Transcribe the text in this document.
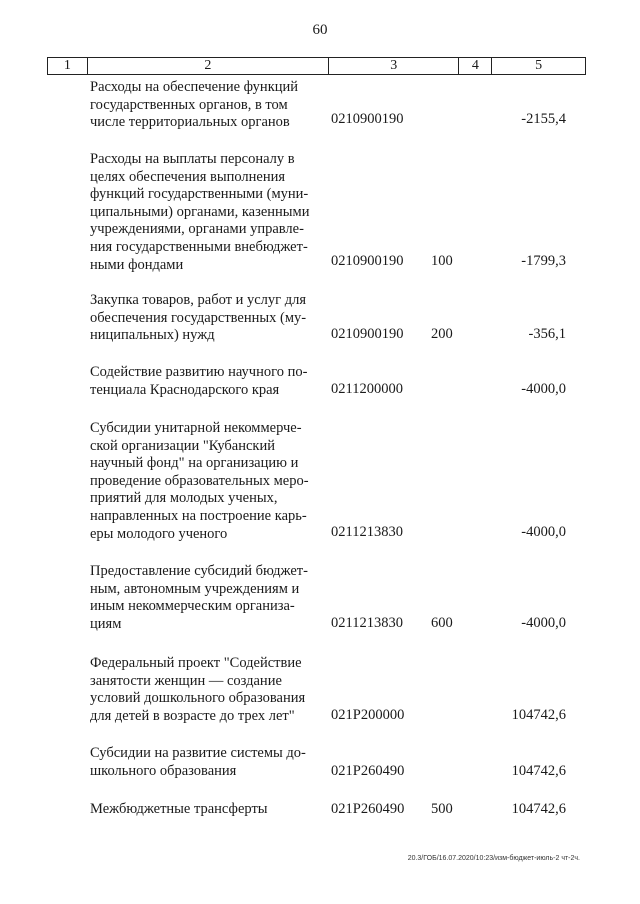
60
1	2	3	4	5
Расходы на обеспечение функций
государственных органов, в том
числе территориальных органов	0210900190	-2155,4
Расходы на выплаты персоналу в
целях обеспечения выполнения
функций государственными (муни-
ципальными) органами, казенными
учреждениями, органами управле-
ния государственными внебюджет-
ными фондами	0210900190 100	-1799,3
Закупка товаров, работ и услуг для
обеспечения государственных (му-
ниципальных) нужд	0210900190 200	-356,1
Содействие развитию научного по-
тенциала Краснодарского края	0211200000	-4000,0
Субсидии унитарной некоммерче-
ской организации "Кубанский
научный фонд" на организацию и
проведение образовательных меро-
приятий для молодых ученых,
направленных на построение карь-
еры молодого ученого	0211213830	-4000,0
Предоставление субсидий бюджет-
ным, автономным учреждениям и
иным некоммерческим организа-
циям	0211213830 600	-4000,0
Федеральный проект "Содействие
занятости женщин — создание
условий дошкольного образования
для детей в возрасте до трех лет"	021P200000	104742,6
Субсидии на развитие системы до-
школьного образования	021P260490	104742,6
Межбюджетные трансферты	021P260490 500	104742,6
20.3/ГОБ/16.07.2020/10:23/изм-бюджет-июль-2 чт-2ч.
